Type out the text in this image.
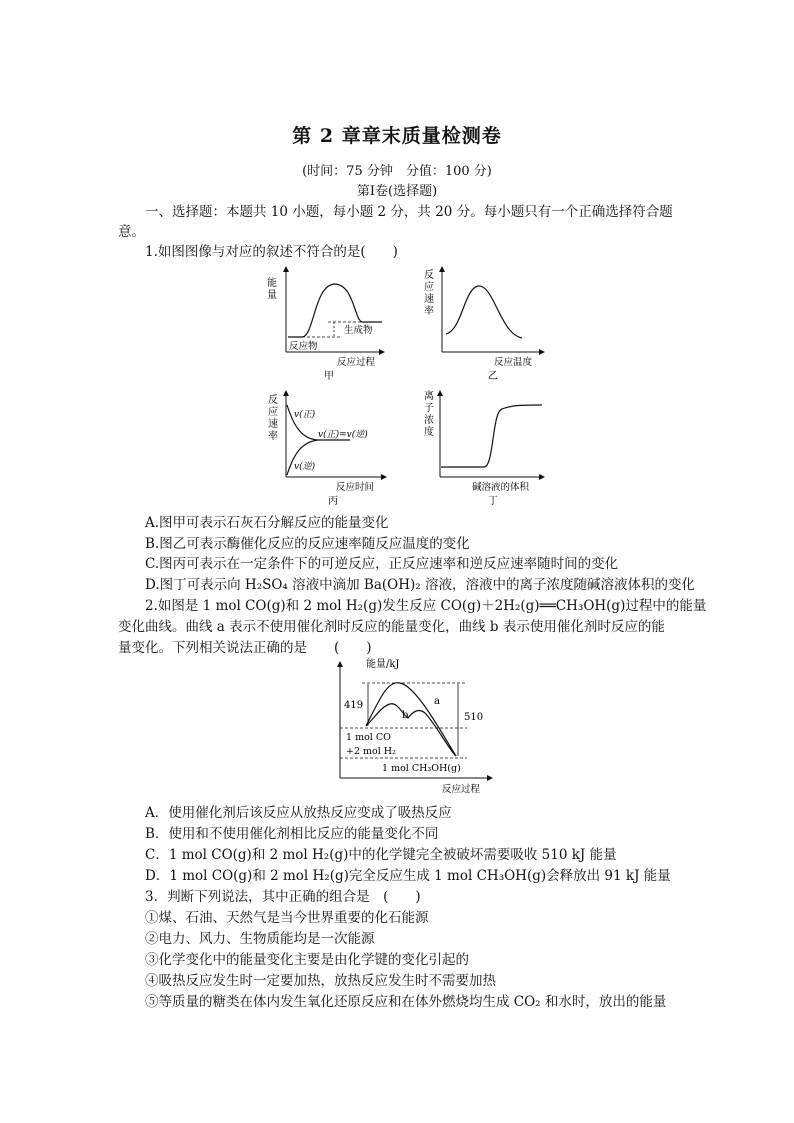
第 2 章章末质量检测卷
(时间：75 分钟　分值：100 分)
第Ⅰ卷(选择题)
一、选择题：本题共 10 小题，每小题 2 分，共 20 分。每小题只有一个正确选择符合题
意。
1.如图图像与对应的叙述不符合的是(　　)
能
量
反应物
生成物
反应过程
甲
反
应
速
率
反应温度
乙
反
应
速
率
v(正)
v(正)=v(逆)
v(逆)
反应时间
丙
离
子
浓
度
碱溶液的体积
丁
A.图甲可表示石灰石分解反应的能量变化
B.图乙可表示酶催化反应的反应速率随反应温度的变化
C.图丙可表示在一定条件下的可逆反应，正反应速率和逆反应速率随时间的变化
D.图丁可表示向 H₂SO₄ 溶液中滴加 Ba(OH)₂ 溶液，溶液中的离子浓度随碱溶液体积的变化
2.如图是 1 mol CO(g)和 2 mol H₂(g)发生反应 CO(g)＋2H₂(g)══CH₃OH(g)过程中的能量
变化曲线。曲线 a 表示不使用催化剂时反应的能量变化，曲线 b 表示使用催化剂时反应的能
量变化。下列相关说法正确的是　　(　　)
能量/kJ
419
510
a
b
1 mol CO
+2 mol H₂
1 mol CH₃OH(g)
反应过程
A．使用催化剂后该反应从放热反应变成了吸热反应
B．使用和不使用催化剂相比反应的能量变化不同
C．1 mol CO(g)和 2 mol H₂(g)中的化学键完全被破坏需要吸收 510 kJ 能量
D．1 mol CO(g)和 2 mol H₂(g)完全反应生成 1 mol CH₃OH(g)会释放出 91 kJ 能量
3．判断下列说法，其中正确的组合是　(　　)
①煤、石油、天然气是当今世界重要的化石能源
②电力、风力、生物质能均是一次能源
③化学变化中的能量变化主要是由化学键的变化引起的
④吸热反应发生时一定要加热，放热反应发生时不需要加热
⑤等质量的糖类在体内发生氧化还原反应和在体外燃烧均生成 CO₂ 和水时，放出的能量
